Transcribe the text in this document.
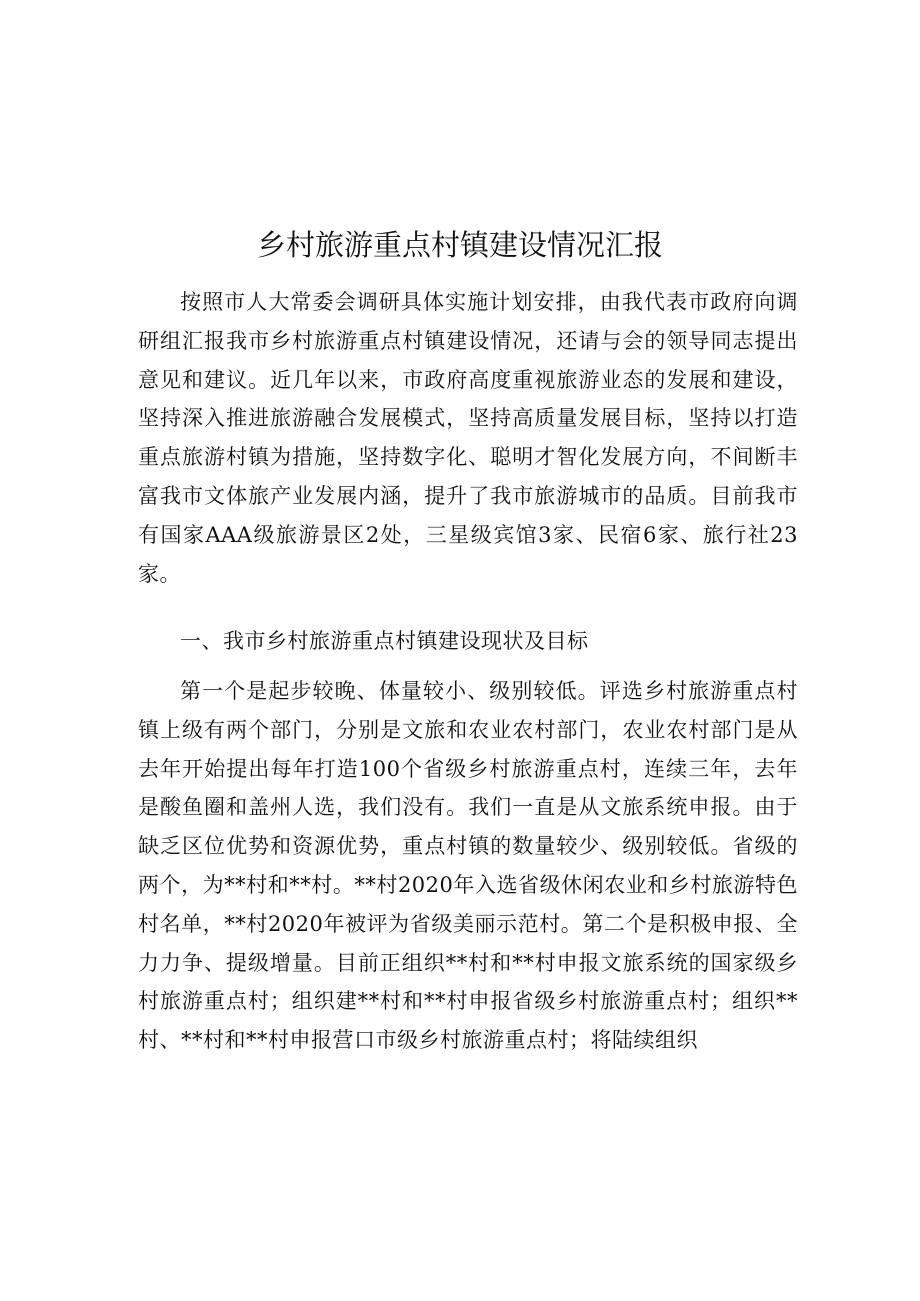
乡村旅游重点村镇建设情况汇报

按照市人大常委会调研具体实施计划安排，由我代表市政府向调研组汇报我市乡村旅游重点村镇建设情况，还请与会的领导同志提出意见和建议。近几年以来，市政府高度重视旅游业态的发展和建设，坚持深入推进旅游融合发展模式，坚持高质量发展目标，坚持以打造重点旅游村镇为措施，坚持数字化、聪明才智化发展方向，不间断丰富我市文体旅产业发展内涵，提升了我市旅游城市的品质。目前我市有国家AAA级旅游景区2处，三星级宾馆3家、民宿6家、旅行社23家。

一、我市乡村旅游重点村镇建设现状及目标

第一个是起步较晚、体量较小、级别较低。评选乡村旅游重点村镇上级有两个部门，分别是文旅和农业农村部门，农业农村部门是从去年开始提出每年打造100个省级乡村旅游重点村，连续三年，去年是酸鱼圈和盖州人选，我们没有。我们一直是从文旅系统申报。由于缺乏区位优势和资源优势，重点村镇的数量较少、级别较低。省级的两个，为**村和**村。**村2020年入选省级休闲农业和乡村旅游特色村名单，**村2020年被评为省级美丽示范村。第二个是积极申报、全力力争、提级增量。目前正组织**村和**村申报文旅系统的国家级乡村旅游重点村；组织建**村和**村申报省级乡村旅游重点村；组织**村、**村和**村申报营口市级乡村旅游重点村；将陆续组织
